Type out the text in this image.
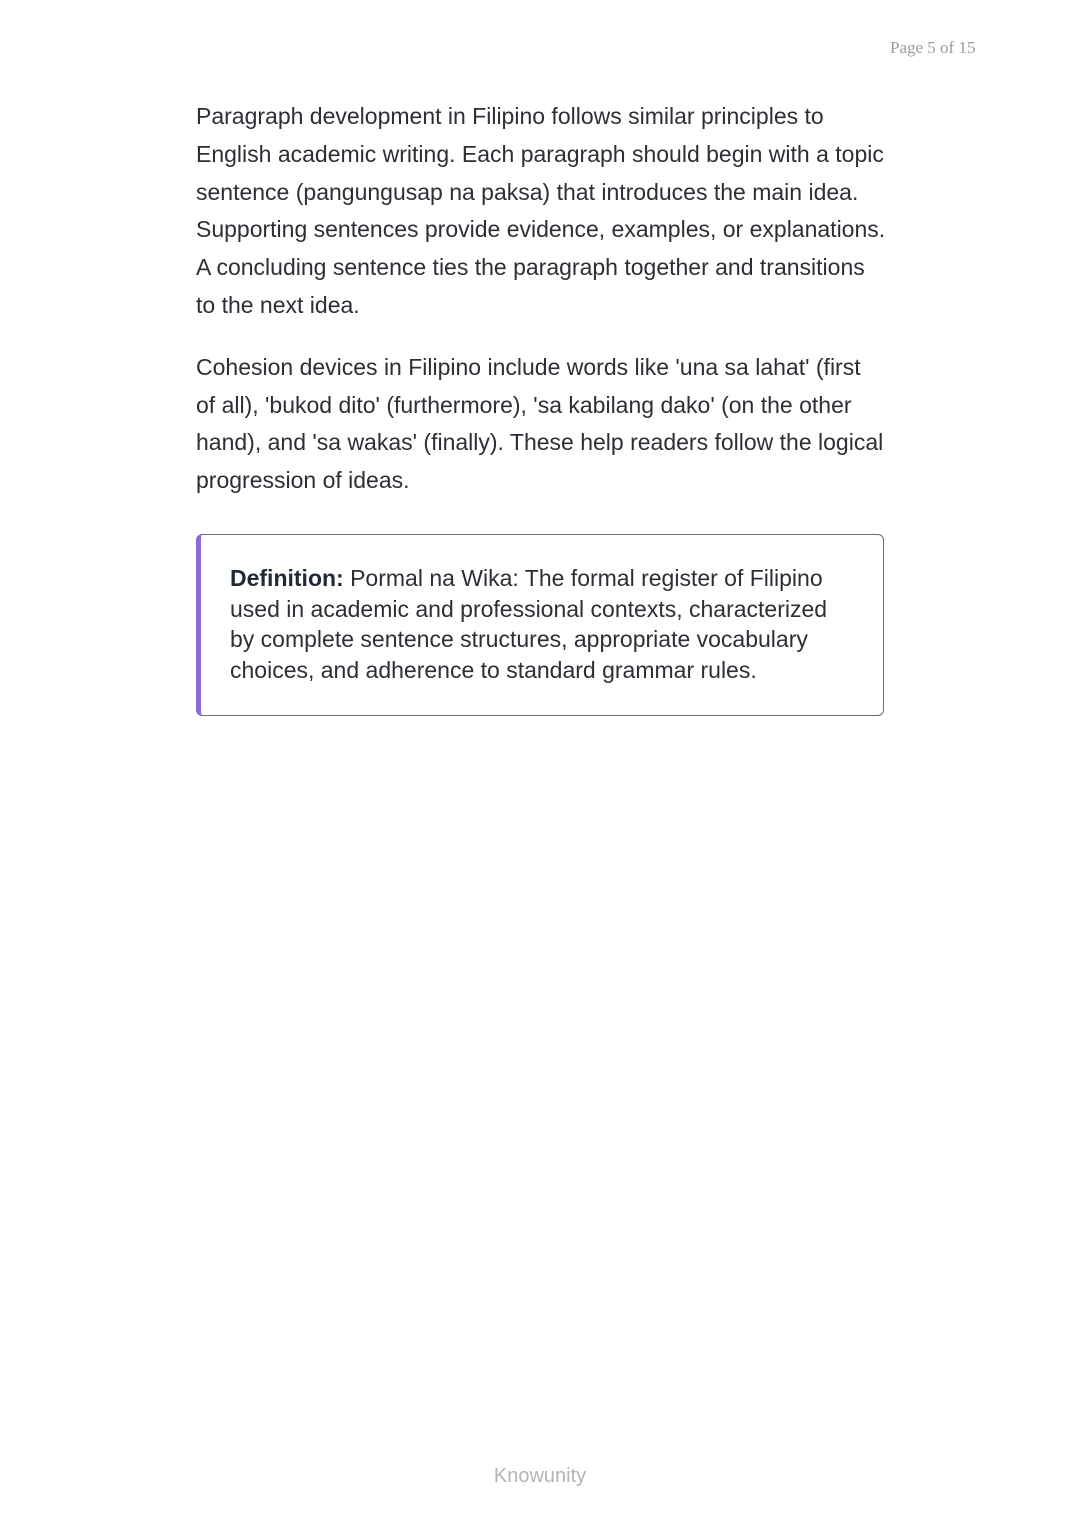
Page 5 of 15

Paragraph development in Filipino follows similar principles to English academic writing. Each paragraph should begin with a topic sentence (pangungusap na paksa) that introduces the main idea. Supporting sentences provide evidence, examples, or explanations. A concluding sentence ties the paragraph together and transitions to the next idea.

Cohesion devices in Filipino include words like 'una sa lahat' (first of all), 'bukod dito' (furthermore), 'sa kabilang dako' (on the other hand), and 'sa wakas' (finally). These help readers follow the logical progression of ideas.

Definition: Pormal na Wika: The formal register of Filipino used in academic and professional contexts, characterized by complete sentence structures, appropriate vocabulary choices, and adherence to standard grammar rules.

Knowunity
